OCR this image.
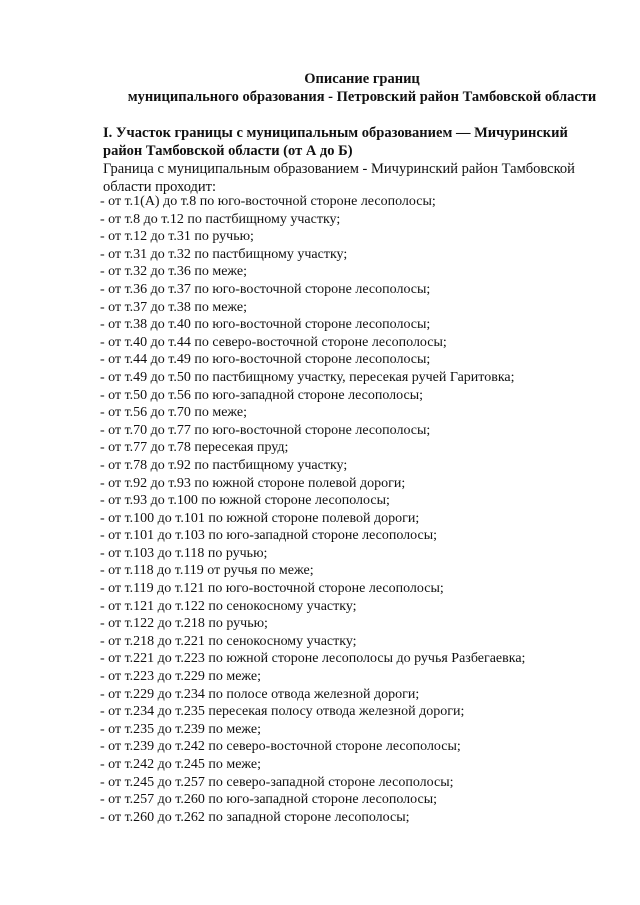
Описание границ
муниципального образования - Петровский район Тамбовской области
I. Участок границы с муниципальным образованием — Мичуринский
район Тамбовской области (от А до Б)
Граница с муниципальным образованием - Мичуринский район Тамбовской
области проходит:
- от т.1(А) до т.8 по юго-восточной стороне лесополосы;
- от т.8 до т.12 по пастбищному участку;
- от т.12 до т.31 по ручью;
- от т.31 до т.32 по пастбищному участку;
- от т.32 до т.36 по меже;
- от т.36 до т.37 по юго-восточной стороне лесополосы;
- от т.37 до т.38 по меже;
- от т.38 до т.40 по юго-восточной стороне лесополосы;
- от т.40 до т.44 по северо-восточной стороне лесополосы;
- от т.44 до т.49 по юго-восточной стороне лесополосы;
- от т.49 до т.50 по пастбищному участку, пересекая ручей Гаритовка;
- от т.50 до т.56 по юго-западной стороне лесополосы;
- от т.56 до т.70 по меже;
- от т.70 до т.77 по юго-восточной стороне лесополосы;
- от т.77 до т.78 пересекая пруд;
- от т.78 до т.92 по пастбищному участку;
- от т.92 до т.93 по южной стороне полевой дороги;
- от т.93 до т.100 по южной стороне лесополосы;
- от т.100 до т.101 по южной стороне полевой дороги;
- от т.101 до т.103 по юго-западной стороне лесополосы;
- от т.103 до т.118 по ручью;
- от т.118 до т.119 от ручья по меже;
- от т.119 до т.121 по юго-восточной стороне лесополосы;
- от т.121 до т.122 по сенокосному участку;
- от т.122 до т.218 по ручью;
- от т.218 до т.221 по сенокосному участку;
- от т.221 до т.223 по южной стороне лесополосы до ручья Разбегаевка;
- от т.223 до т.229 по меже;
- от т.229 до т.234 по полосе отвода железной дороги;
- от т.234 до т.235 пересекая полосу отвода железной дороги;
- от т.235 до т.239 по меже;
- от т.239 до т.242 по северо-восточной стороне лесополосы;
- от т.242 до т.245 по меже;
- от т.245 до т.257 по северо-западной стороне лесополосы;
- от т.257 до т.260 по юго-западной стороне лесополосы;
- от т.260 до т.262 по западной стороне лесополосы;
